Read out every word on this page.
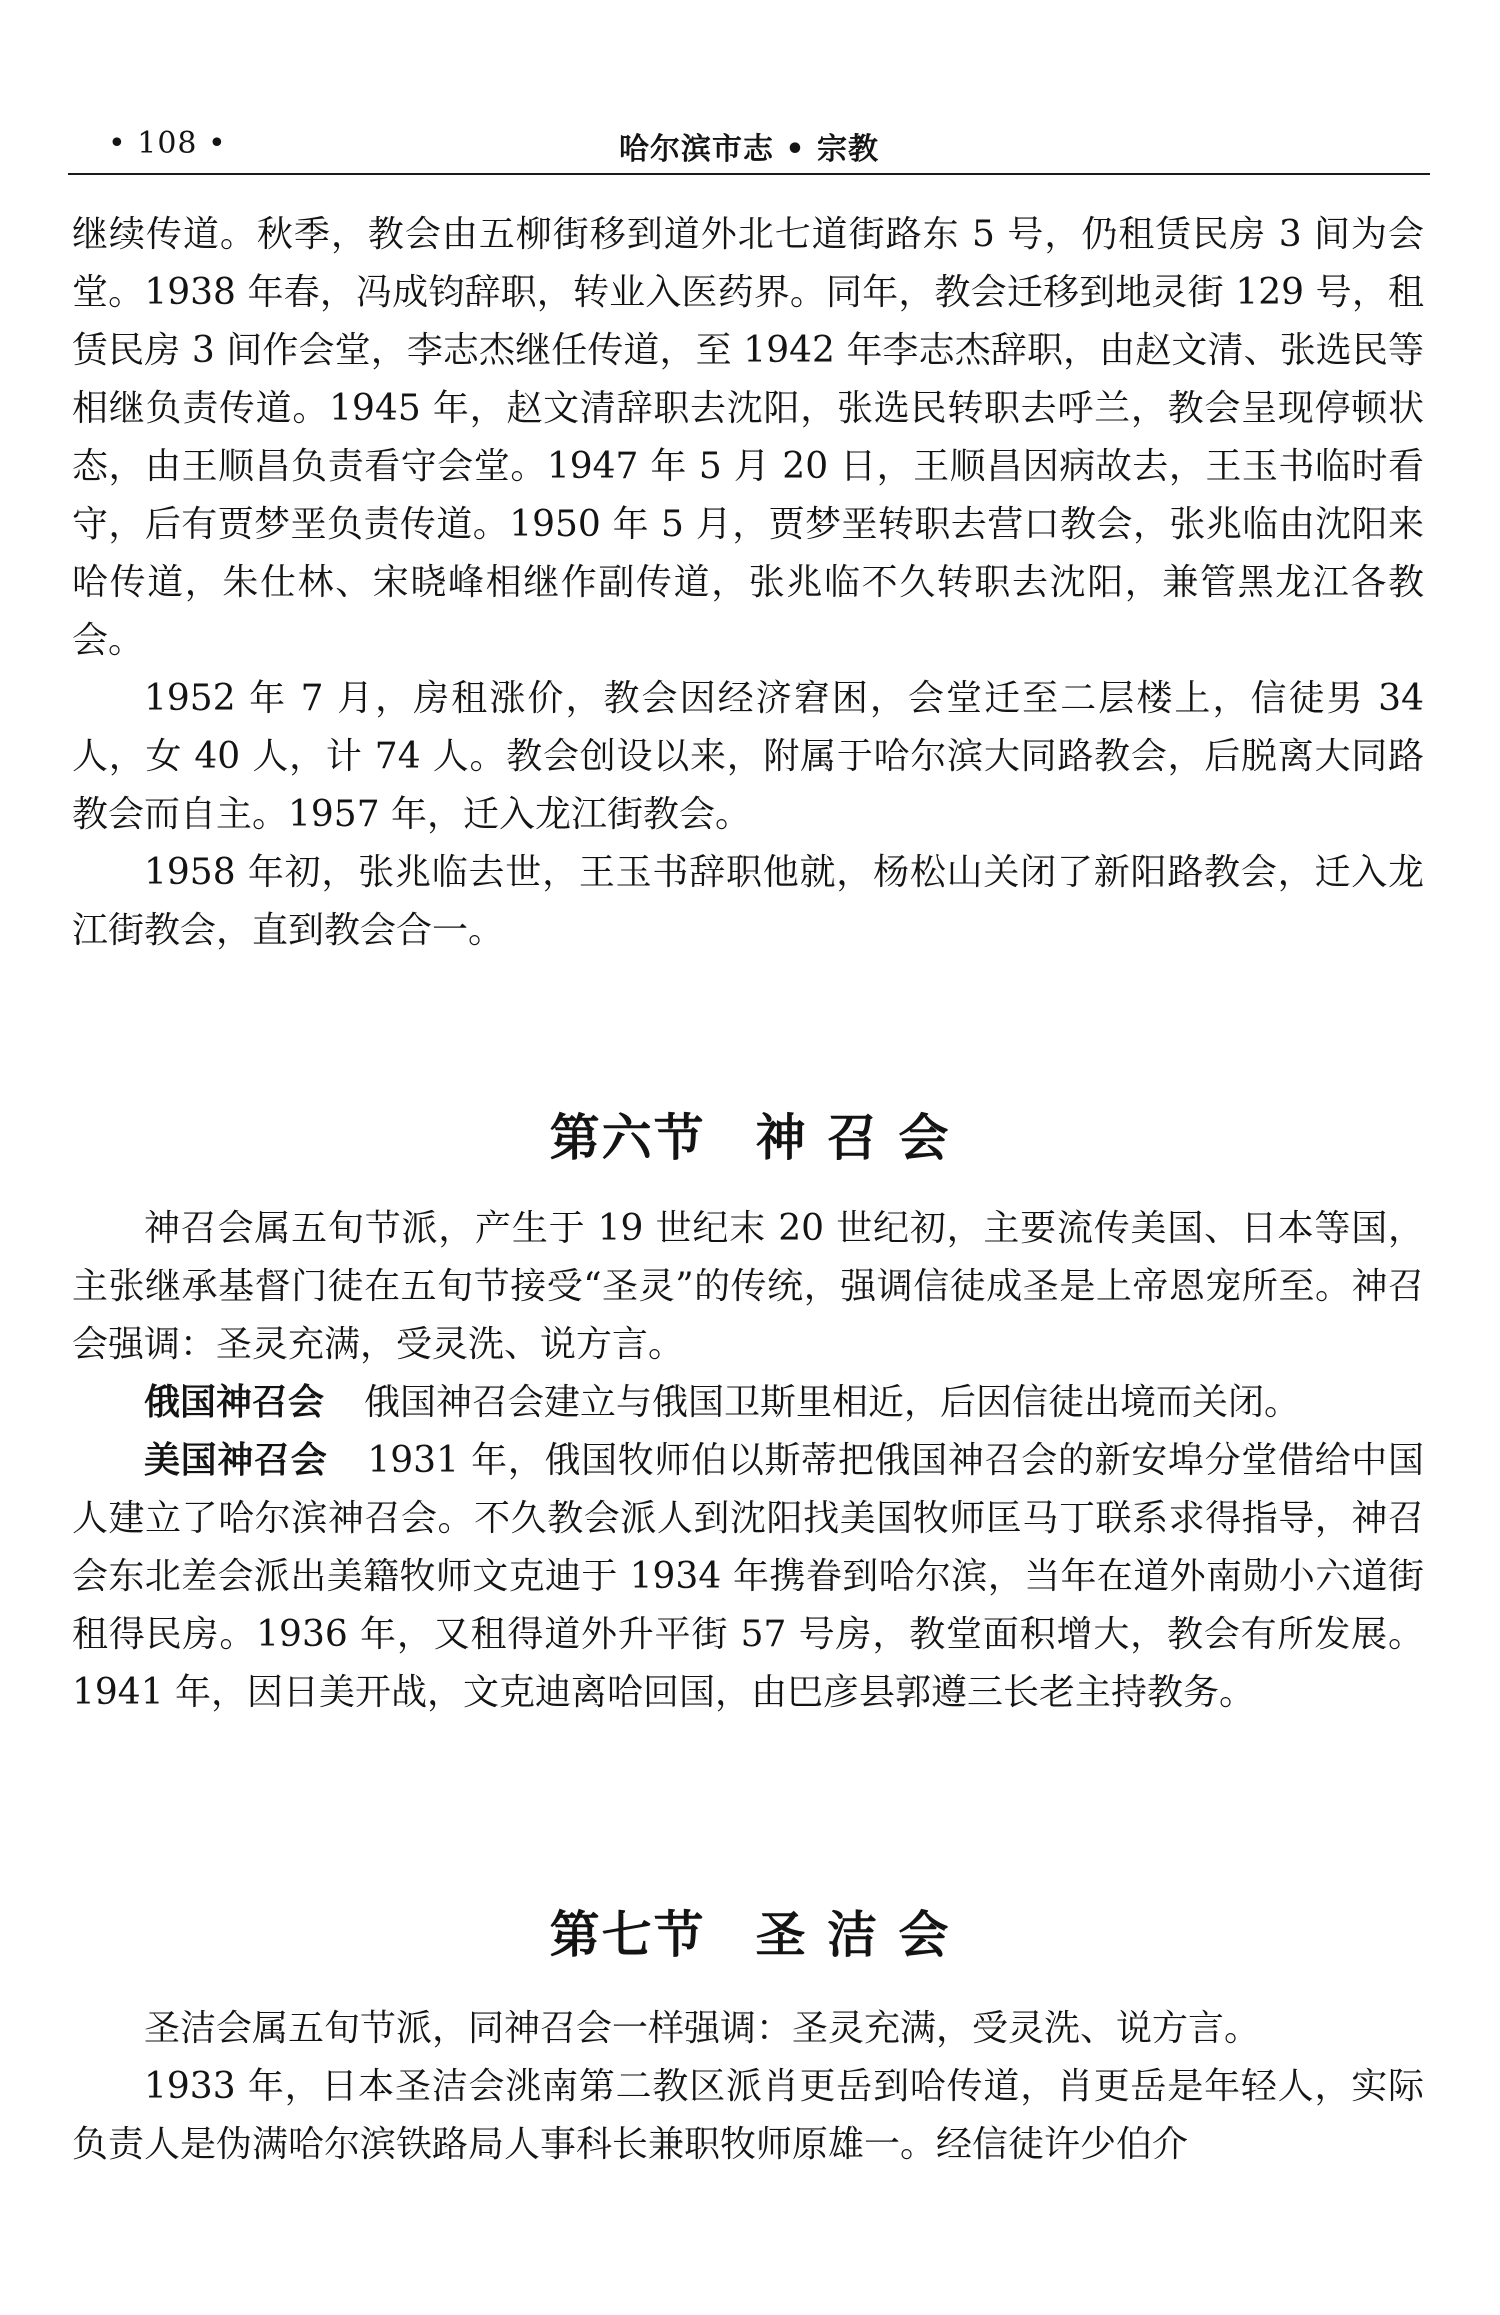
• 108 •	哈尔滨市志 • 宗教

继续传道。秋季，教会由五柳街移到道外北七道街路东 5 号，仍租赁民房 3 间为会堂。1938 年春，冯成钧辞职，转业入医药界。同年，教会迁移到地灵街 129 号，租赁民房 3 间作会堂，李志杰继任传道，至 1942 年李志杰辞职，由赵文清、张选民等相继负责传道。1945 年，赵文清辞职去沈阳，张选民转职去呼兰，教会呈现停顿状态，由王顺昌负责看守会堂。1947 年 5 月 20 日，王顺昌因病故去，王玉书临时看守，后有贾梦垩负责传道。1950 年 5 月，贾梦垩转职去营口教会，张兆临由沈阳来哈传道，朱仕林、宋晓峰相继作副传道，张兆临不久转职去沈阳，兼管黑龙江各教会。

1952 年 7 月，房租涨价，教会因经济窘困，会堂迁至二层楼上，信徒男 34 人，女 40 人，计 74 人。教会创设以来，附属于哈尔滨大同路教会，后脱离大同路教会而自主。1957 年，迁入龙江街教会。

1958 年初，张兆临去世，王玉书辞职他就，杨松山关闭了新阳路教会，迁入龙江街教会，直到教会合一。

第六节 神 召 会

神召会属五旬节派，产生于 19 世纪末 20 世纪初，主要流传美国、日本等国，主张继承基督门徒在五旬节接受“圣灵”的传统，强调信徒成圣是上帝恩宠所至。神召会强调：圣灵充满，受灵洗、说方言。

俄国神召会 俄国神召会建立与俄国卫斯里相近，后因信徒出境而关闭。

美国神召会 1931 年，俄国牧师伯以斯蒂把俄国神召会的新安埠分堂借给中国人建立了哈尔滨神召会。不久教会派人到沈阳找美国牧师匡马丁联系求得指导，神召会东北差会派出美籍牧师文克迪于 1934 年携眷到哈尔滨，当年在道外南勋小六道街租得民房。1936 年，又租得道外升平街 57 号房，教堂面积增大，教会有所发展。1941 年，因日美开战，文克迪离哈回国，由巴彦县郭遵三长老主持教务。

第七节 圣 洁 会

圣洁会属五旬节派，同神召会一样强调：圣灵充满，受灵洗、说方言。

1933 年，日本圣洁会洮南第二教区派肖更岳到哈传道，肖更岳是年轻人，实际负责人是伪满哈尔滨铁路局人事科长兼职牧师原雄一。经信徒许少伯介
